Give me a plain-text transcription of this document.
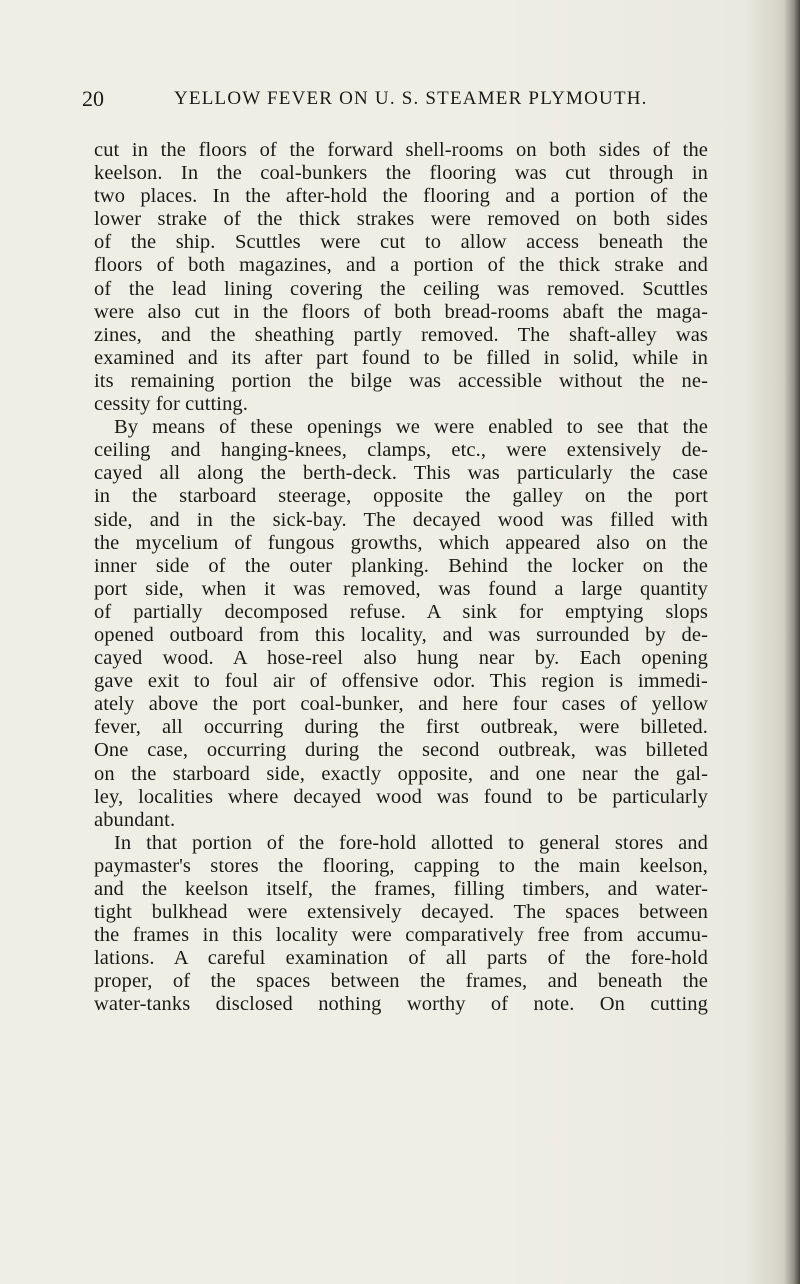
20	YELLOW FEVER ON U. S. STEAMER PLYMOUTH.
cut in the floors of the forward shell-rooms on both sides of the
keelson. In the coal-bunkers the flooring was cut through in
two places. In the after-hold the flooring and a portion of the
lower strake of the thick strakes were removed on both sides
of the ship. Scuttles were cut to allow access beneath the
floors of both magazines, and a portion of the thick strake and
of the lead lining covering the ceiling was removed. Scuttles
were also cut in the floors of both bread-rooms abaft the maga-
zines, and the sheathing partly removed. The shaft-alley was
examined and its after part found to be filled in solid, while in
its remaining portion the bilge was accessible without the ne-
cessity for cutting.
By means of these openings we were enabled to see that the
ceiling and hanging-knees, clamps, etc., were extensively de-
cayed all along the berth-deck. This was particularly the case
in the starboard steerage, opposite the galley on the port
side, and in the sick-bay. The decayed wood was filled with
the mycelium of fungous growths, which appeared also on the
inner side of the outer planking. Behind the locker on the
port side, when it was removed, was found a large quantity
of partially decomposed refuse. A sink for emptying slops
opened outboard from this locality, and was surrounded by de-
cayed wood. A hose-reel also hung near by. Each opening
gave exit to foul air of offensive odor. This region is immedi-
ately above the port coal-bunker, and here four cases of yellow
fever, all occurring during the first outbreak, were billeted.
One case, occurring during the second outbreak, was billeted
on the starboard side, exactly opposite, and one near the gal-
ley, localities where decayed wood was found to be particularly
abundant.
In that portion of the fore-hold allotted to general stores and
paymaster's stores the flooring, capping to the main keelson,
and the keelson itself, the frames, filling timbers, and water-
tight bulkhead were extensively decayed. The spaces between
the frames in this locality were comparatively free from accumu-
lations. A careful examination of all parts of the fore-hold
proper, of the spaces between the frames, and beneath the
water-tanks disclosed nothing worthy of note. On cutting
